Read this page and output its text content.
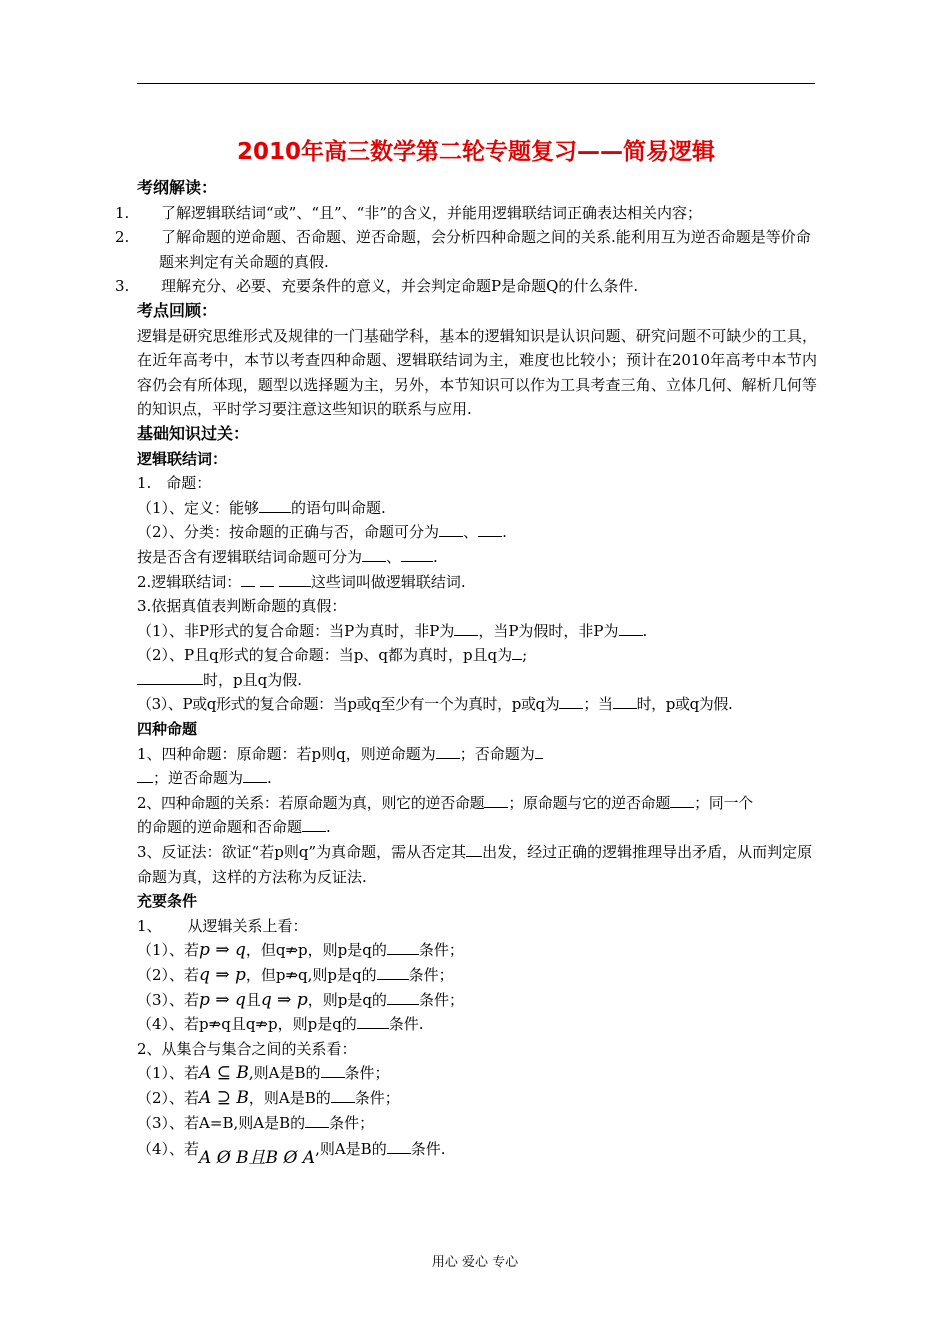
2010年高三数学第二轮专题复习——简易逻辑
考纲解读：
1. 了解逻辑联结词“或”、“且”、“非”的含义，并能用逻辑联结词正确表达相关内容；
2. 了解命题的逆命题、否命题、逆否命题，会分析四种命题之间的关系.能利用互为逆否命题是等价命题来判定有关命题的真假.
3. 理解充分、必要、充要条件的意义，并会判定命题P是命题Q的什么条件.
考点回顾：
逻辑是研究思维形式及规律的一门基础学科，基本的逻辑知识是认识问题、研究问题不可缺少的工具，在近年高考中，本节以考查四种命题、逻辑联结词为主，难度也比较小；预计在2010年高考中本节内容仍会有所体现，题型以选择题为主，另外，本节知识可以作为工具考查三角、立体几何、解析几何等的知识点，平时学习要注意这些知识的联系与应用.
基础知识过关：
逻辑联结词：
1.　命题：
（1）、定义：能够 的语句叫命题.
（2）、分类：按命题的正确与否，命题可分为 、 .
按是否含有逻辑联结词命题可分为 、 .
2.逻辑联结词：	这些词叫做逻辑联结词.
3.依据真值表判断命题的真假：
（1）、非P形式的复合命题：当P为真时，非P为 ，当P为假时，非P为 .
（2）、P且q形式的复合命题：当p、q都为真时，p且q为 ;
时，p且q为假.
（3）、P或q形式的复合命题：当p或q至少有一个为真时，p或q为 ；当 时，p或q为假.
四种命题
1、四种命题：原命题：若p则q，则逆命题为 ；否命题为
；逆否命题为 .
2、四种命题的关系：若原命题为真，则它的逆否命题 ；原命题与它的逆否命题 ；同一个
的命题的逆命题和否命题 .
3、反证法：欲证“若p则q”为真命题，需从否定其 出发，经过正确的逻辑推理导出矛盾，从而判定原命题为真，这样的方法称为反证法.
充要条件
1、 从逻辑关系上看：
（1）、若p ⇒ q，但q⇏p，则p是q的 条件；
（2）、若q ⇒ p，但p⇏q,则p是q的 条件；
（3）、若p ⇒ q且q ⇒ p，则p是q的 条件；
（4）、若p⇏q且q⇏p，则p是q的 条件.
2、从集合与集合之间的关系看：
（1）、若A ⊆ B,则A是B的 条件；
（2）、若A ⊇ B，则A是B的 条件；
（3）、若A=B,则A是B的 条件；
（4）、若A Ø B且B Ø A,则A是B的 条件.
用心 爱心 专心
